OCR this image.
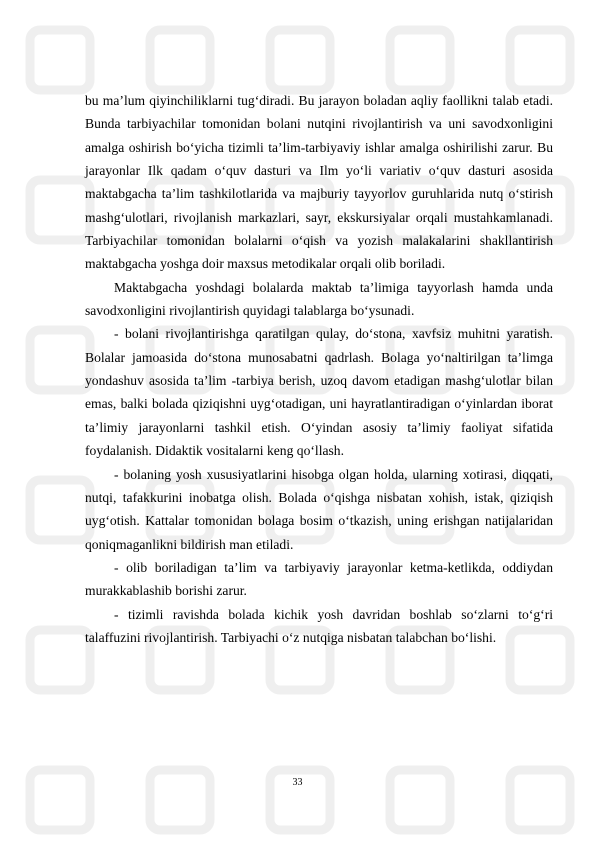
bu ma’lum qiyinchiliklarni tug‘diradi. Bu jarayon boladan aqliy faollikni talab etadi. Bunda tarbiyachilar tomonidan bolani nutqini rivojlantirish va uni savodxonligini amalga oshirish bo‘yicha tizimli ta’lim-tarbiyaviy ishlar amalga oshirilishi zarur. Bu jarayonlar Ilk qadam o‘quv dasturi va Ilm yo‘li variativ o‘quv dasturi asosida maktabgacha ta’lim tashkilotlarida va majburiy tayyorlov guruhlarida nutq o‘stirish mashg‘ulotlari, rivojlanish markazlari, sayr, ekskursiyalar orqali mustahkamlanadi. Tarbiyachilar tomonidan bolalarni o‘qish va yozish malakalarini shakllantirish maktabgacha yoshga doir maxsus metodikalar orqali olib boriladi.

Maktabgacha yoshdagi bolalarda maktab ta’limiga tayyorlash hamda unda savodxonligini rivojlantirish quyidagi talablarga bo‘ysunadi.

- bolani rivojlantirishga qaratilgan qulay, do‘stona, xavfsiz muhitni yaratish. Bolalar jamoasida do‘stona munosabatni qadrlash. Bolaga yo‘naltirilgan ta’limga yondashuv asosida ta’lim -tarbiya berish, uzoq davom etadigan mashg‘ulotlar bilan emas, balki bolada qiziqishni uyg‘otadigan, uni hayratlantiradigan o‘yinlardan iborat ta’limiy jarayonlarni tashkil etish. O‘yindan asosiy ta’limiy faoliyat sifatida foydalanish. Didaktik vositalarni keng qo‘llash.

- bolaning yosh xususiyatlarini hisobga olgan holda, ularning xotirasi, diqqati, nutqi, tafakkurini inobatga olish. Bolada o‘qishga nisbatan xohish, istak, qiziqish uyg‘otish. Kattalar tomonidan bolaga bosim o‘tkazish, uning erishgan natijalaridan qoniqmaganlikni bildirish man etiladi.

- olib boriladigan ta’lim va tarbiyaviy jarayonlar ketma-ketlikda, oddiydan murakkablashib borishi zarur.

- tizimli ravishda bolada kichik yosh davridan boshlab so‘zlarni to‘g‘ri talaffuzini rivojlantirish. Tarbiyachi o‘z nutqiga nisbatan talabchan bo‘lishi.

33
